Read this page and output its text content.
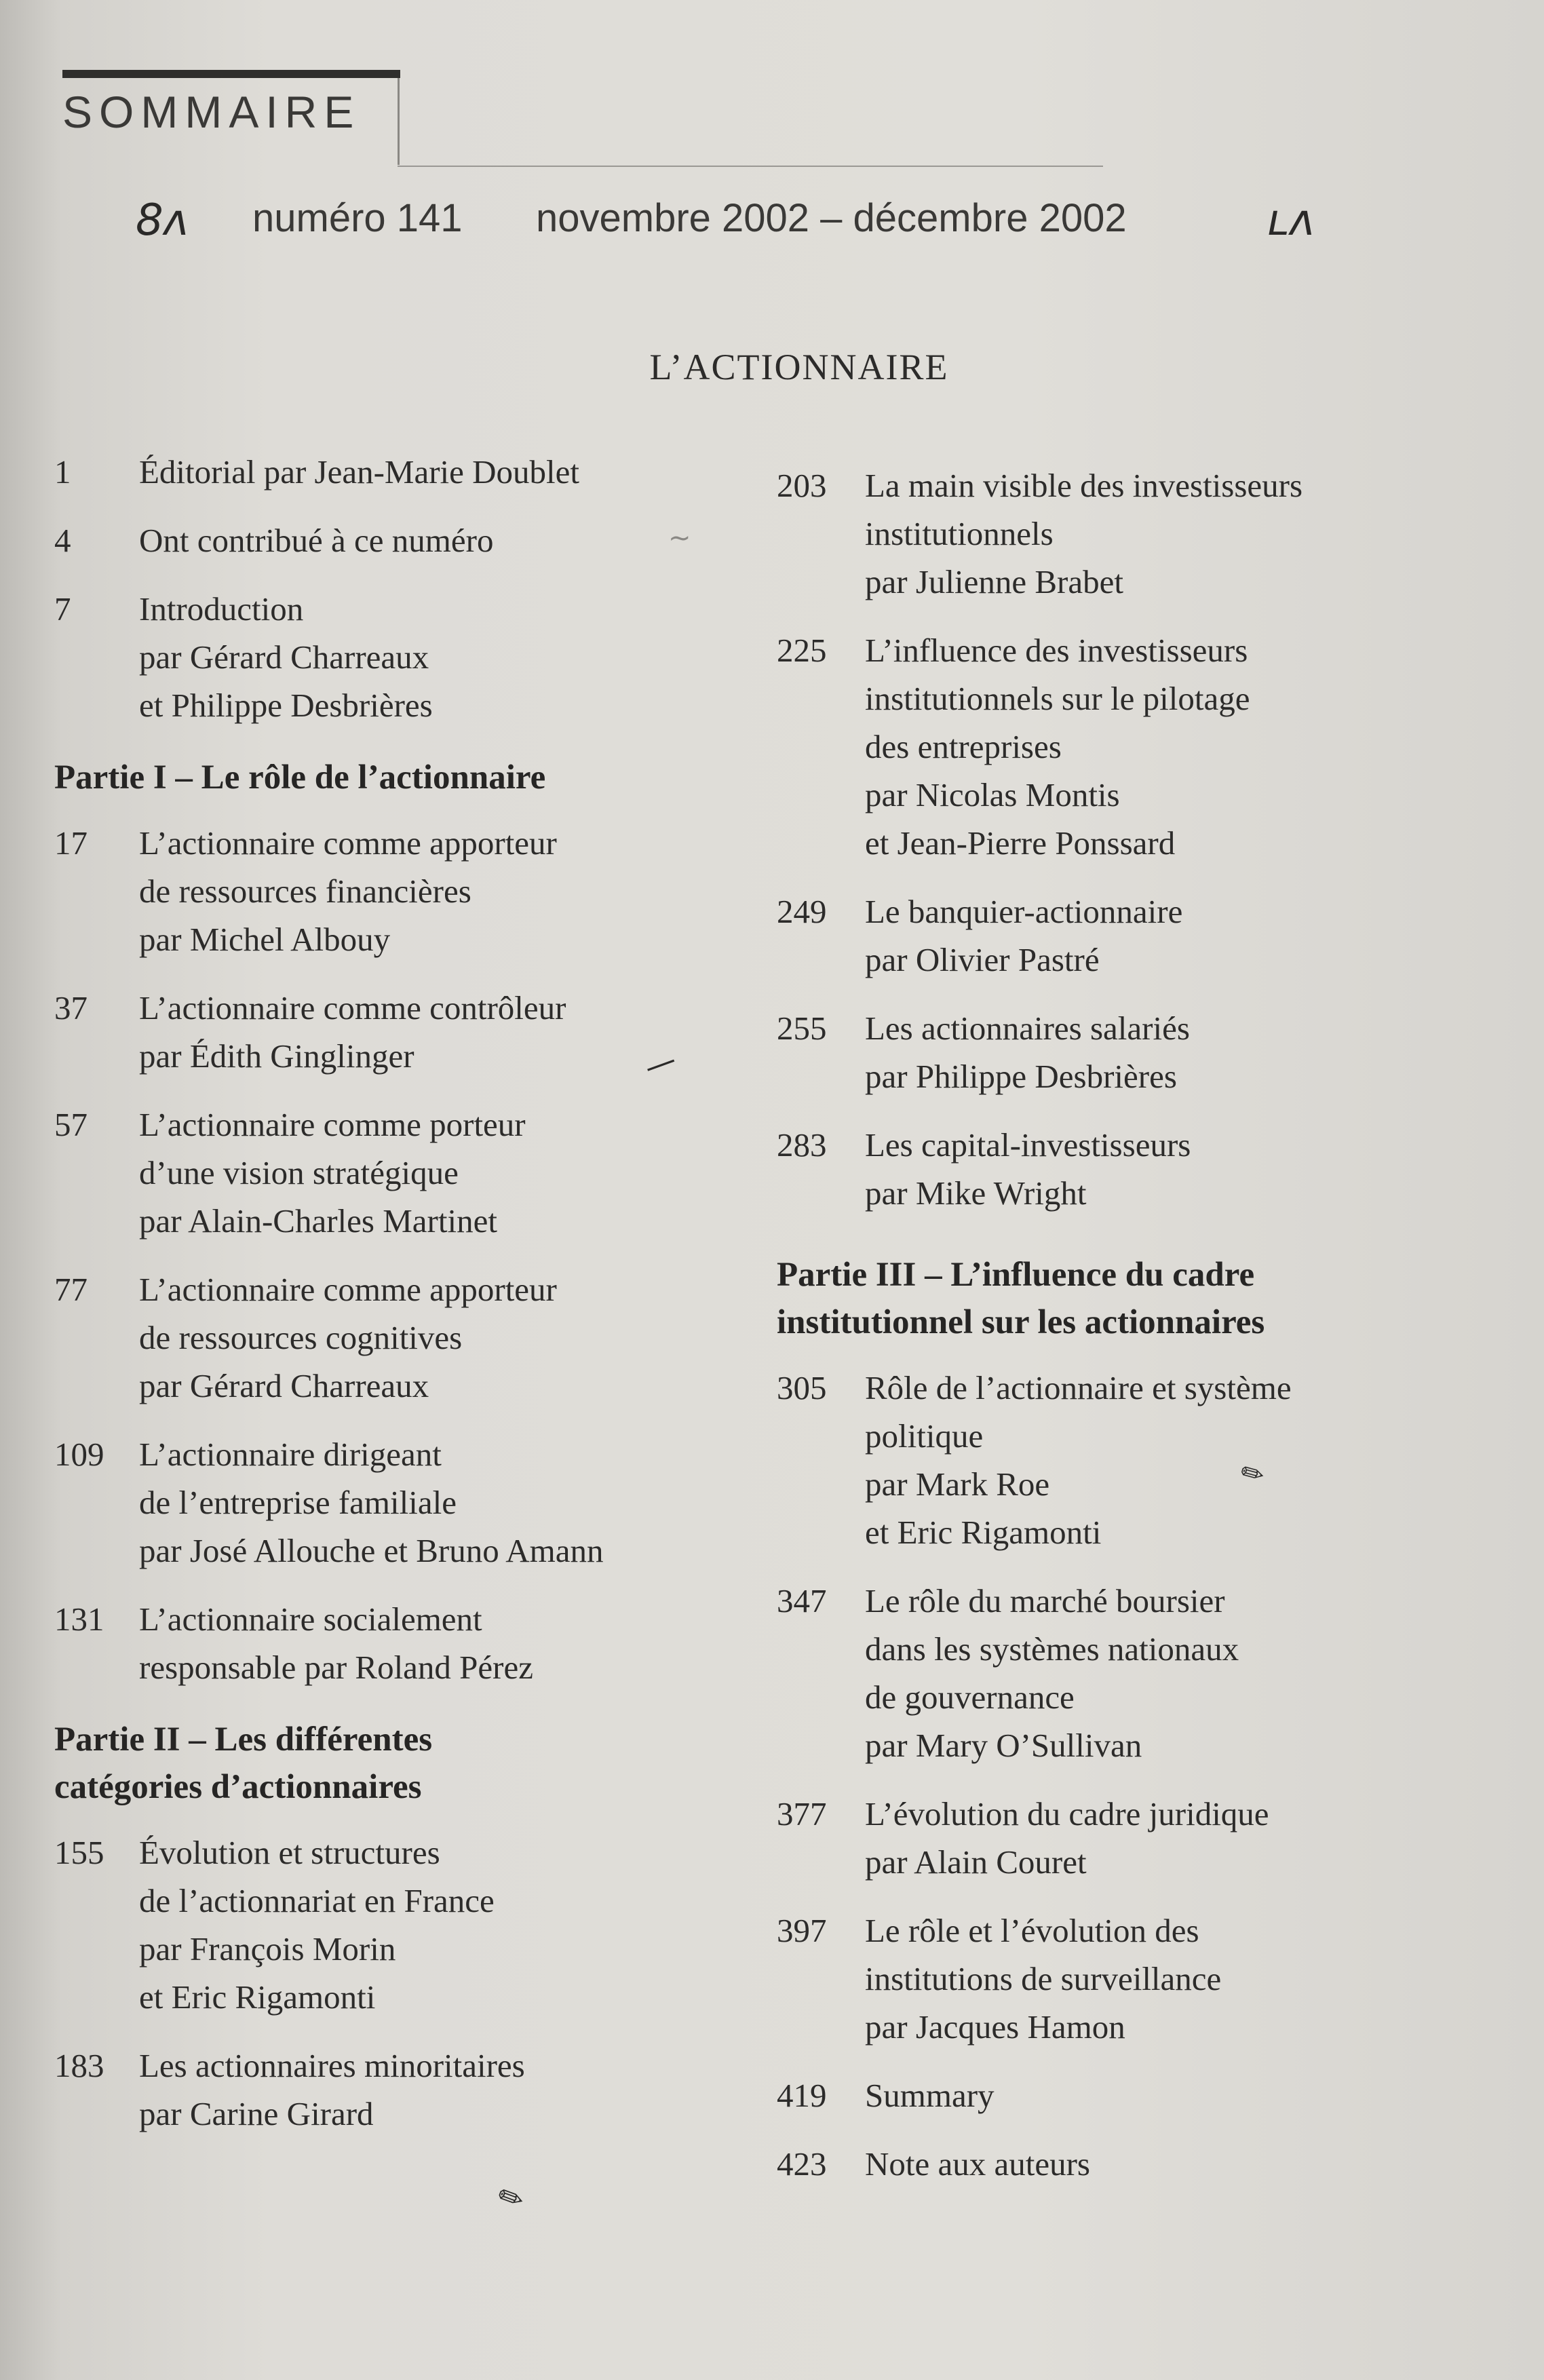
SOMMAIRE
8ʌ numéro 141 novembre 2002 – décembre 2002	ʟʌ
L’ACTIONNAIRE
1	Éditorial par Jean-Marie Doublet
4	Ont contribué à ce numéro
7	Introduction
par Gérard Charreaux
et Philippe Desbrières
Partie I – Le rôle de l’actionnaire
17	L’actionnaire comme apporteur
de ressources financières
par Michel Albouy
37	L’actionnaire comme contrôleur
par Édith Ginglinger
57	L’actionnaire comme porteur
d’une vision stratégique
par Alain-Charles Martinet
77	L’actionnaire comme apporteur
de ressources cognitives
par Gérard Charreaux
109	L’actionnaire dirigeant
de l’entreprise familiale
par José Allouche et Bruno Amann
131	L’actionnaire socialement
responsable par Roland Pérez
Partie II – Les différentes
catégories d’actionnaires
155	Évolution et structures
de l’actionnariat en France
par François Morin
et Eric Rigamonti
183	Les actionnaires minoritaires
par Carine Girard
203	La main visible des investisseurs
institutionnels
par Julienne Brabet
225	L’influence des investisseurs
institutionnels sur le pilotage
des entreprises
par Nicolas Montis
et Jean-Pierre Ponssard
249	Le banquier-actionnaire
par Olivier Pastré
255	Les actionnaires salariés
par Philippe Desbrières
283	Les capital-investisseurs
par Mike Wright
Partie III – L’influence du cadre
institutionnel sur les actionnaires
305	Rôle de l’actionnaire et système
politique
par Mark Roe
et Eric Rigamonti
347	Le rôle du marché boursier
dans les systèmes nationaux
de gouvernance
par Mary O’Sullivan
377	L’évolution du cadre juridique
par Alain Couret
397	Le rôle et l’évolution des
institutions de surveillance
par Jacques Hamon
419	Summary
423	Note aux auteurs
~
—
✎
✎
